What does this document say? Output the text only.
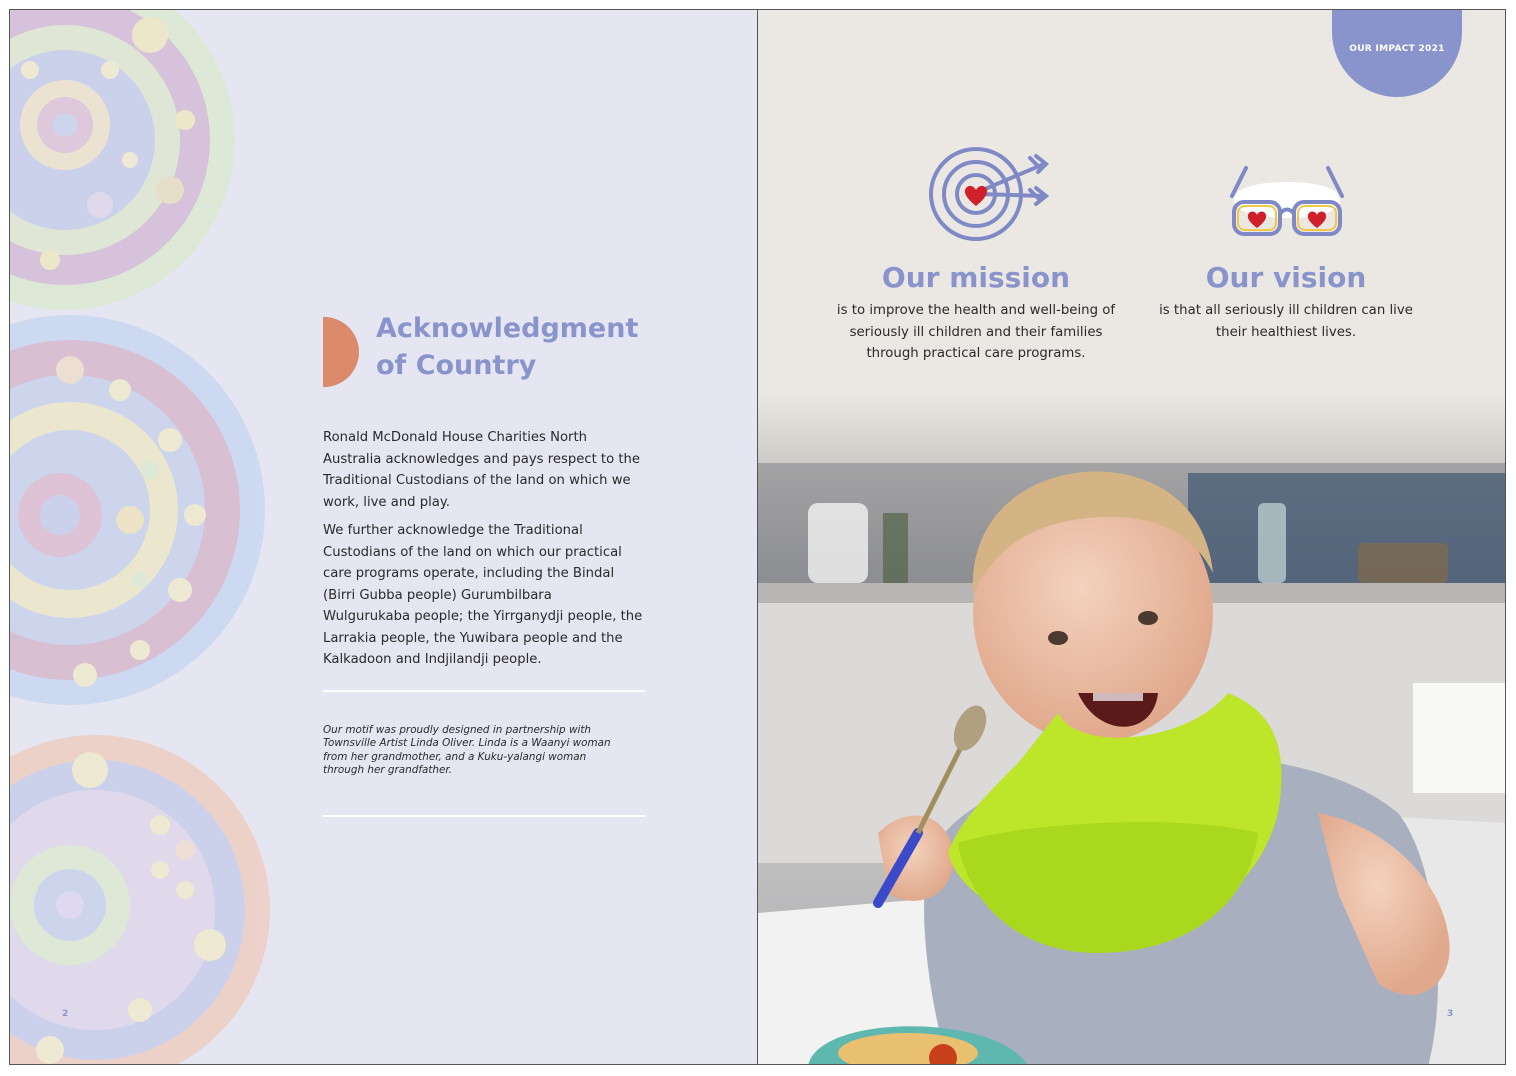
Acknowledgment
of Country

Ronald McDonald House Charities North Australia acknowledges and pays respect to the Traditional Custodians of the land on which we work, live and play.

We further acknowledge the Traditional Custodians of the land on which our practical care programs operate, including the Bindal (Birri Gubba people) Gurumbilbara Wulgurukaba people; the Yirrganydji people, the Larrakia people, the Yuwibara people and the Kalkadoon and Indjilandji people.

Our motif was proudly designed in partnership with Townsville Artist Linda Oliver. Linda is a Waanyi woman from her grandmother, and a Kuku-yalangi woman through her grandfather.
2
OUR IMPACT 2021
Our mission
is to improve the health and well-being of seriously ill children and their families through practical care programs.
Our vision
is that all seriously ill children can live their healthiest lives.
3
